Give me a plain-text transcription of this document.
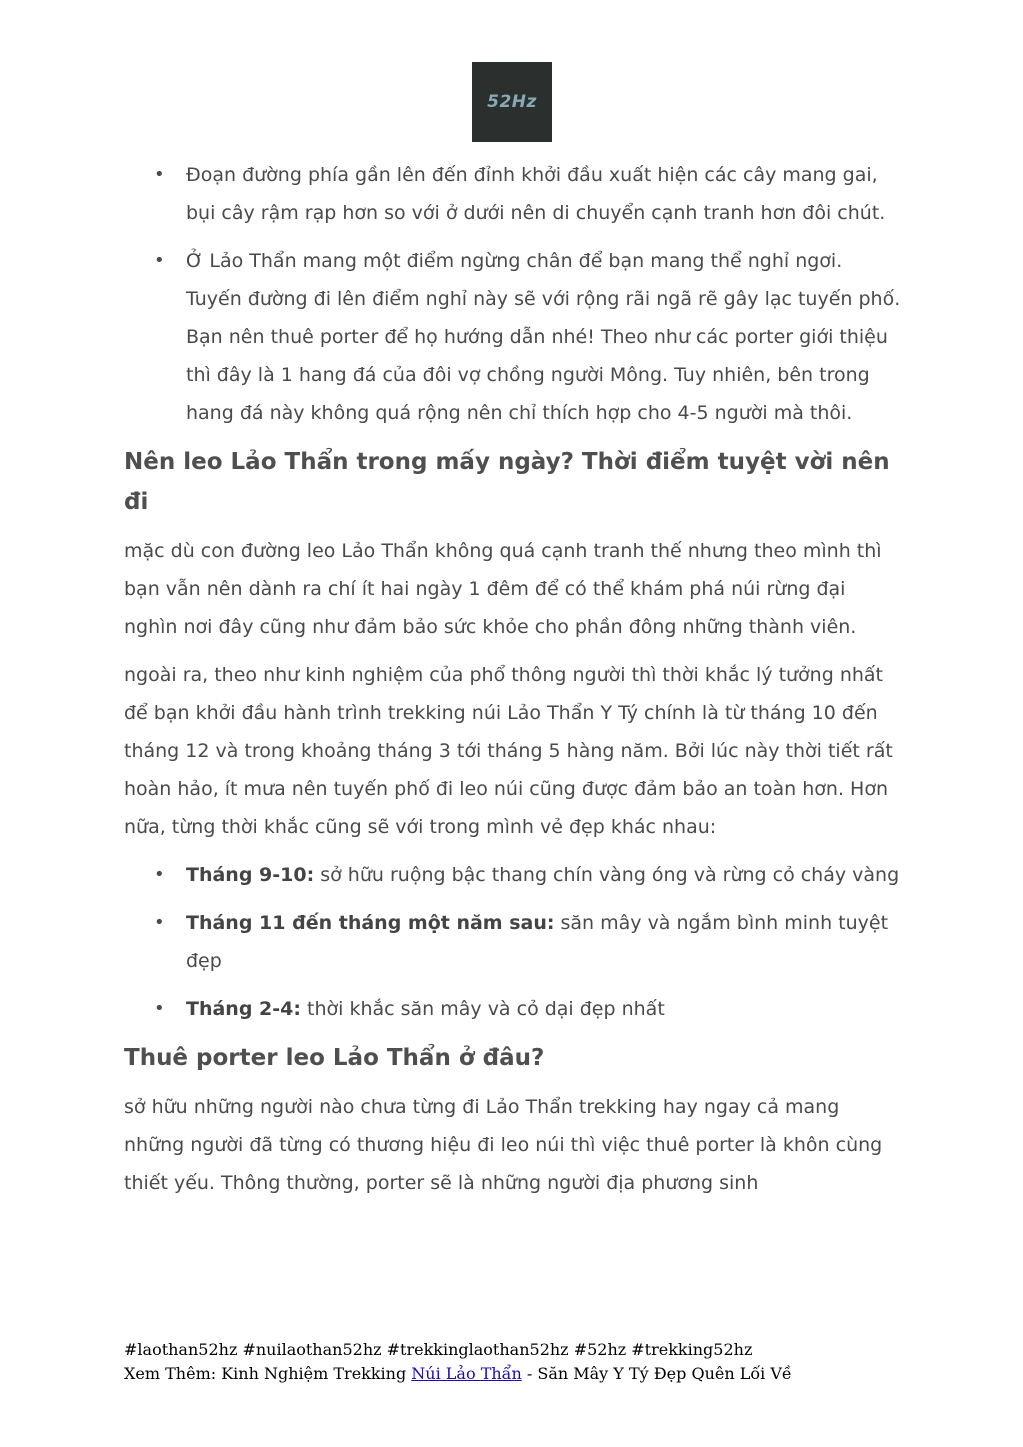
52Hz
• Đoạn đường phía gần lên đến đỉnh khởi đầu xuất hiện các cây mang gai, bụi cây rậm rạp hơn so với ở dưới nên di chuyển cạnh tranh hơn đôi chút.
• Ở Lảo Thẩn mang một điểm ngừng chân để bạn mang thể nghỉ ngơi. Tuyến đường đi lên điểm nghỉ này sẽ với rộng rãi ngã rẽ gây lạc tuyến phố. Bạn nên thuê porter để họ hướng dẫn nhé! Theo như các porter giới thiệu thì đây là 1 hang đá của đôi vợ chồng người Mông. Tuy nhiên, bên trong hang đá này không quá rộng nên chỉ thích hợp cho 4-5 người mà thôi.
Nên leo Lảo Thẩn trong mấy ngày? Thời điểm tuyệt vời nên đi

mặc dù con đường leo Lảo Thẩn không quá cạnh tranh thế nhưng theo mình thì bạn vẫn nên dành ra chí ít hai ngày 1 đêm để có thể khám phá núi rừng đại nghìn nơi đây cũng như đảm bảo sức khỏe cho phần đông những thành viên.

ngoài ra, theo như kinh nghiệm của phổ thông người thì thời khắc lý tưởng nhất để bạn khởi đầu hành trình trekking núi Lảo Thẩn Y Tý chính là từ tháng 10 đến tháng 12 và trong khoảng tháng 3 tới tháng 5 hàng năm. Bởi lúc này thời tiết rất hoàn hảo, ít mưa nên tuyến phố đi leo núi cũng được đảm bảo an toàn hơn. Hơn nữa, từng thời khắc cũng sẽ với trong mình vẻ đẹp khác nhau:

• Tháng 9-10: sở hữu ruộng bậc thang chín vàng óng và rừng cỏ cháy vàng
• Tháng 11 đến tháng một năm sau: săn mây và ngắm bình minh tuyệt đẹp
• Tháng 2-4: thời khắc săn mây và cỏ dại đẹp nhất
Thuê porter leo Lảo Thẩn ở đâu?

sở hữu những người nào chưa từng đi Lảo Thẩn trekking hay ngay cả mang những người đã từng có thương hiệu đi leo núi thì việc thuê porter là khôn cùng thiết yếu. Thông thường, porter sẽ là những người địa phương sinh

#laothan52hz #nuilaothan52hz #trekkinglaothan52hz #52hz #trekking52hz
Xem Thêm: Kinh Nghiệm Trekking Núi Lảo Thẩn - Săn Mây Y Tý Đẹp Quên Lối Về
